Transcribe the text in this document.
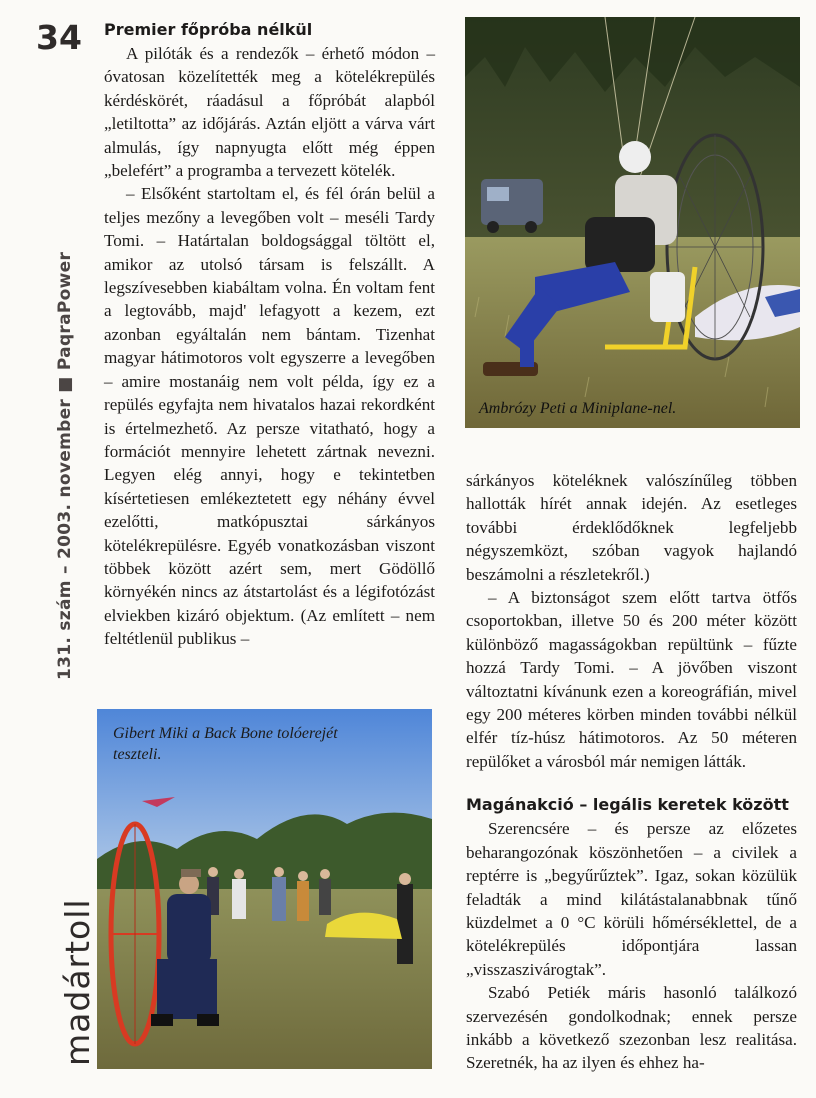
34
131. szám – 2003. november ■ PaqraPower
madártoll
Premier főpróba nélkül

A pilóták és a rendezők – érhető módon – óvatosan közelítették meg a kötelékrepülés kérdéskörét, ráadásul a főpróbát alapból „letiltotta” az időjárás. Aztán eljött a várva várt almulás, így napnyugta előtt még éppen „belefért” a programba a tervezett kötelék.

– Elsőként startoltam el, és fél órán belül a teljes mezőny a levegőben volt – meséli Tardy Tomi. – Határtalan boldogsággal töltött el, amikor az utolsó társam is felszállt. A legszívesebben kiabáltam volna. Én voltam fent a legtovább, majd' lefagyott a kezem, ezt azonban egyáltalán nem bántam. Tizenhat magyar hátimotoros volt egyszerre a levegőben – amire mostanáig nem volt példa, így ez a repülés egyfajta nem hivatalos hazai rekordként is értelmezhető. Az persze vitatható, hogy a formációt mennyire lehetett zártnak nevezni. Legyen elég annyi, hogy e tekintetben kísértetiesen emlékeztetett egy néhány évvel ezelőtti, matkópusztai sárkányos kötelékrepülésre. Egyéb vonatkozásban viszont többek között azért sem, mert Gödöllő környékén nincs az átstartolást és a légifotózást elviekben kizáró objektum. (Az említett – nem feltétlenül publikus –

Ambrózy Peti a Miniplane-nel.
Gibert Miki a Back Bone tolóerejét teszteli.

sárkányos köteléknek valószínűleg többen hallották hírét annak idején. Az esetleges további érdeklődőknek legfeljebb négyszemközt, szóban vagyok hajlandó beszámolni a részletekről.)

– A biztonságot szem előtt tartva ötfős csoportokban, illetve 50 és 200 méter között különböző magasságokban repültünk – fűzte hozzá Tardy Tomi. – A jövőben viszont változtatni kívánunk ezen a koreográfián, mivel egy 200 méteres körben minden további nélkül elfér tíz-húsz hátimotoros. Az 50 méteren repülőket a városból már nemigen látták.

Magánakció – legális keretek között

Szerencsére – és persze az előzetes beharangozónak köszönhetően – a civilek a reptérre is „begyűrűztek”. Igaz, sokan közülük feladták a mind kilátástalanabbnak tűnő küzdelmet a 0 °C körüli hőmérséklettel, de a kötelékrepülés időpontjára lassan „visszaszivárogtak”.

Szabó Petiék máris hasonló találkozó szervezésén gondolkodnak; ennek persze inkább a következő szezonban lesz realitása. Szeretnék, ha az ilyen és ehhez ha-
